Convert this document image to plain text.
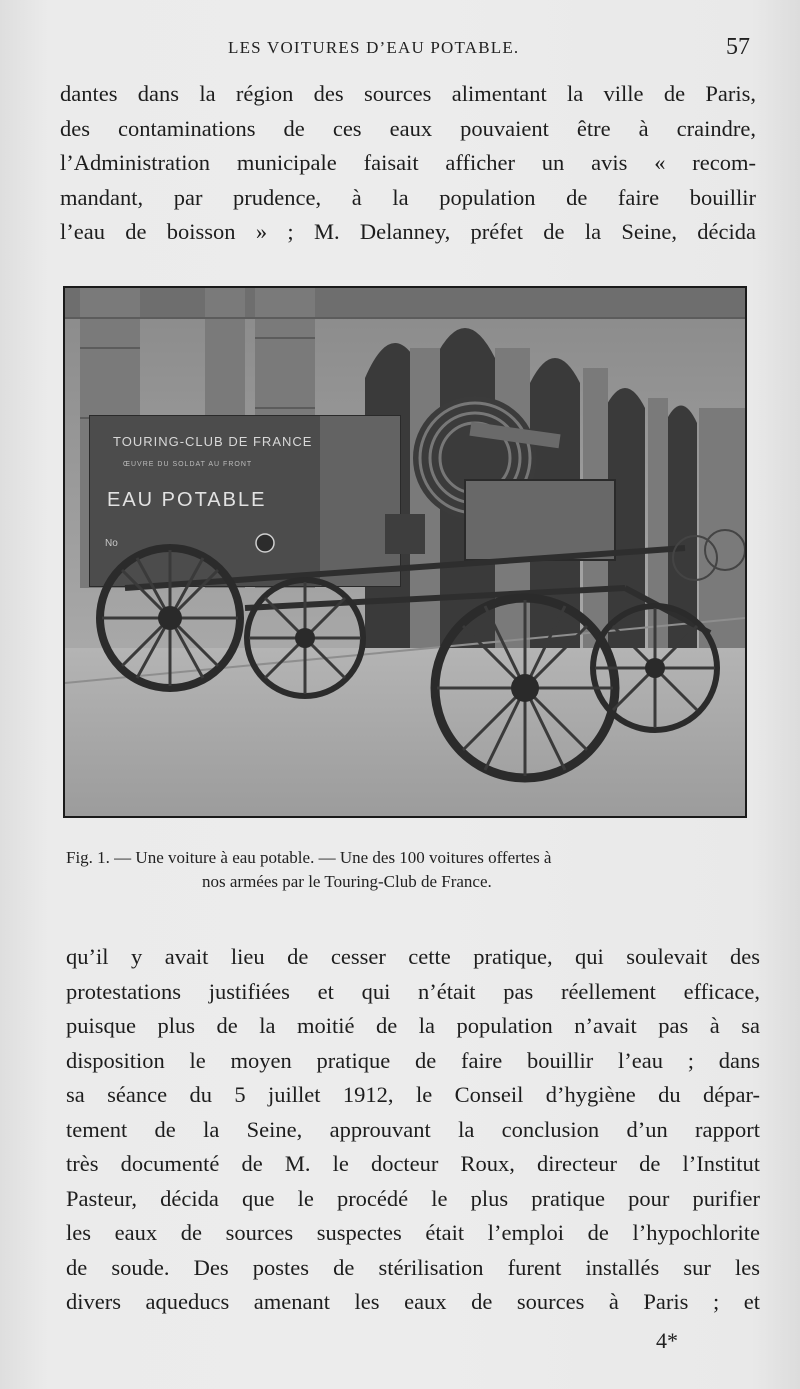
LES VOITURES D’EAU POTABLE.	57
dantes dans la région des sources alimentant la ville de Paris,
des contaminations de ces eaux pouvaient être à craindre,
l’Administration municipale faisait afficher un avis « recom-
mandant, par prudence, à la population de faire bouillir
l’eau de boisson » ; M. Delanney, préfet de la Seine, décida
TOURING-CLUB DE FRANCE
ŒUVRE DU SOLDAT AU FRONT
EAU POTABLE
No
Fig. 1. — Une voiture à eau potable. — Une des 100 voitures offertes à
nos armées par le Touring-Club de France.
qu’il y avait lieu de cesser cette pratique, qui soulevait des
protestations justifiées et qui n’était pas réellement efficace,
puisque plus de la moitié de la population n’avait pas à sa
disposition le moyen pratique de faire bouillir l’eau ; dans
sa séance du 5 juillet 1912, le Conseil d’hygiène du dépar-
tement de la Seine, approuvant la conclusion d’un rapport
très documenté de M. le docteur Roux, directeur de l’Institut
Pasteur, décida que le procédé le plus pratique pour purifier
les eaux de sources suspectes était l’emploi de l’hypochlorite
de soude. Des postes de stérilisation furent installés sur les
divers aqueducs amenant les eaux de sources à Paris ; et
4*
